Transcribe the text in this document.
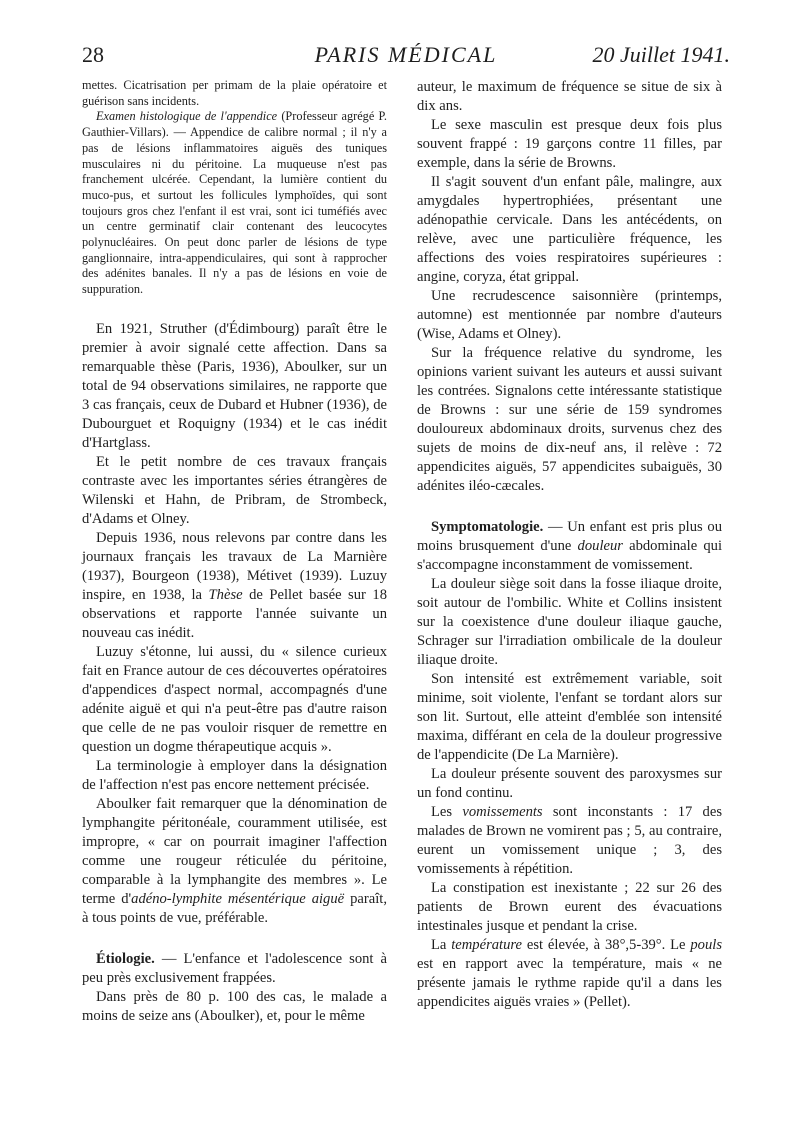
28	PARIS MÉDICAL	20 Juillet 1941.

mettes. Cicatrisation per primam de la plaie opératoire et guérison sans incidents.

Examen histologique de l'appendice (Professeur agrégé P. Gauthier-Villars). — Appendice de calibre normal ; il n'y a pas de lésions inflammatoires aiguës des tuniques musculaires ni du péritoine. La muqueuse n'est pas franchement ulcérée. Cependant, la lumière contient du muco-pus, et surtout les follicules lymphoïdes, qui sont toujours gros chez l'enfant il est vrai, sont ici tuméfiés avec un centre germinatif clair contenant des leucocytes polynucléaires. On peut donc parler de lésions de type ganglionnaire, intra-appendiculaires, qui sont à rapprocher des adénites banales. Il n'y a pas de lésions en voie de suppuration.

En 1921, Struther (d'Édimbourg) paraît être le premier à avoir signalé cette affection. Dans sa remarquable thèse (Paris, 1936), Aboulker, sur un total de 94 observations similaires, ne rapporte que 3 cas français, ceux de Dubard et Hubner (1936), de Dubourguet et Roquigny (1934) et le cas inédit d'Hartglass.

Et le petit nombre de ces travaux français contraste avec les importantes séries étrangères de Wilenski et Hahn, de Pribram, de Strombeck, d'Adams et Olney.

Depuis 1936, nous relevons par contre dans les journaux français les travaux de La Marnière (1937), Bourgeon (1938), Métivet (1939). Luzuy inspire, en 1938, la Thèse de Pellet basée sur 18 observations et rapporte l'année suivante un nouveau cas inédit.

Luzuy s'étonne, lui aussi, du « silence curieux fait en France autour de ces découvertes opératoires d'appendices d'aspect normal, accompagnés d'une adénite aiguë et qui n'a peut-être pas d'autre raison que celle de ne pas vouloir risquer de remettre en question un dogme thérapeutique acquis ».

La terminologie à employer dans la désignation de l'affection n'est pas encore nettement précisée.

Aboulker fait remarquer que la dénomination de lymphangite péritonéale, couramment utilisée, est impropre, « car on pourrait imaginer l'affection comme une rougeur réticulée du péritoine, comparable à la lymphangite des membres ». Le terme d'adéno-lymphite mésentérique aiguë paraît, à tous points de vue, préférable.

Étiologie. — L'enfance et l'adolescence sont à peu près exclusivement frappées.

Dans près de 80 p. 100 des cas, le malade a moins de seize ans (Aboulker), et, pour le même

auteur, le maximum de fréquence se situe de six à dix ans.

Le sexe masculin est presque deux fois plus souvent frappé : 19 garçons contre 11 filles, par exemple, dans la série de Browns.

Il s'agit souvent d'un enfant pâle, malingre, aux amygdales hypertrophiées, présentant une adénopathie cervicale. Dans les antécédents, on relève, avec une particulière fréquence, les affections des voies respiratoires supérieures : angine, coryza, état grippal.

Une recrudescence saisonnière (printemps, automne) est mentionnée par nombre d'auteurs (Wise, Adams et Olney).

Sur la fréquence relative du syndrome, les opinions varient suivant les auteurs et aussi suivant les contrées. Signalons cette intéressante statistique de Browns : sur une série de 159 syndromes douloureux abdominaux droits, survenus chez des sujets de moins de dix-neuf ans, il relève : 72 appendicites aiguës, 57 appendicites subaiguës, 30 adénites iléo-cæcales.

Symptomatologie. — Un enfant est pris plus ou moins brusquement d'une douleur abdominale qui s'accompagne inconstamment de vomissement.

La douleur siège soit dans la fosse iliaque droite, soit autour de l'ombilic. White et Collins insistent sur la coexistence d'une douleur iliaque gauche, Schrager sur l'irradiation ombilicale de la douleur iliaque droite.

Son intensité est extrêmement variable, soit minime, soit violente, l'enfant se tordant alors sur son lit. Surtout, elle atteint d'emblée son intensité maxima, différant en cela de la douleur progressive de l'appendicite (De La Marnière).

La douleur présente souvent des paroxysmes sur un fond continu.

Les vomissements sont inconstants : 17 des malades de Brown ne vomirent pas ; 5, au contraire, eurent un vomissement unique ; 3, des vomissements à répétition.

La constipation est inexistante ; 22 sur 26 des patients de Brown eurent des évacuations intestinales jusque et pendant la crise.

La température est élevée, à 38°,5-39°. Le pouls est en rapport avec la température, mais « ne présente jamais le rythme rapide qu'il a dans les appendicites aiguës vraies » (Pellet).
